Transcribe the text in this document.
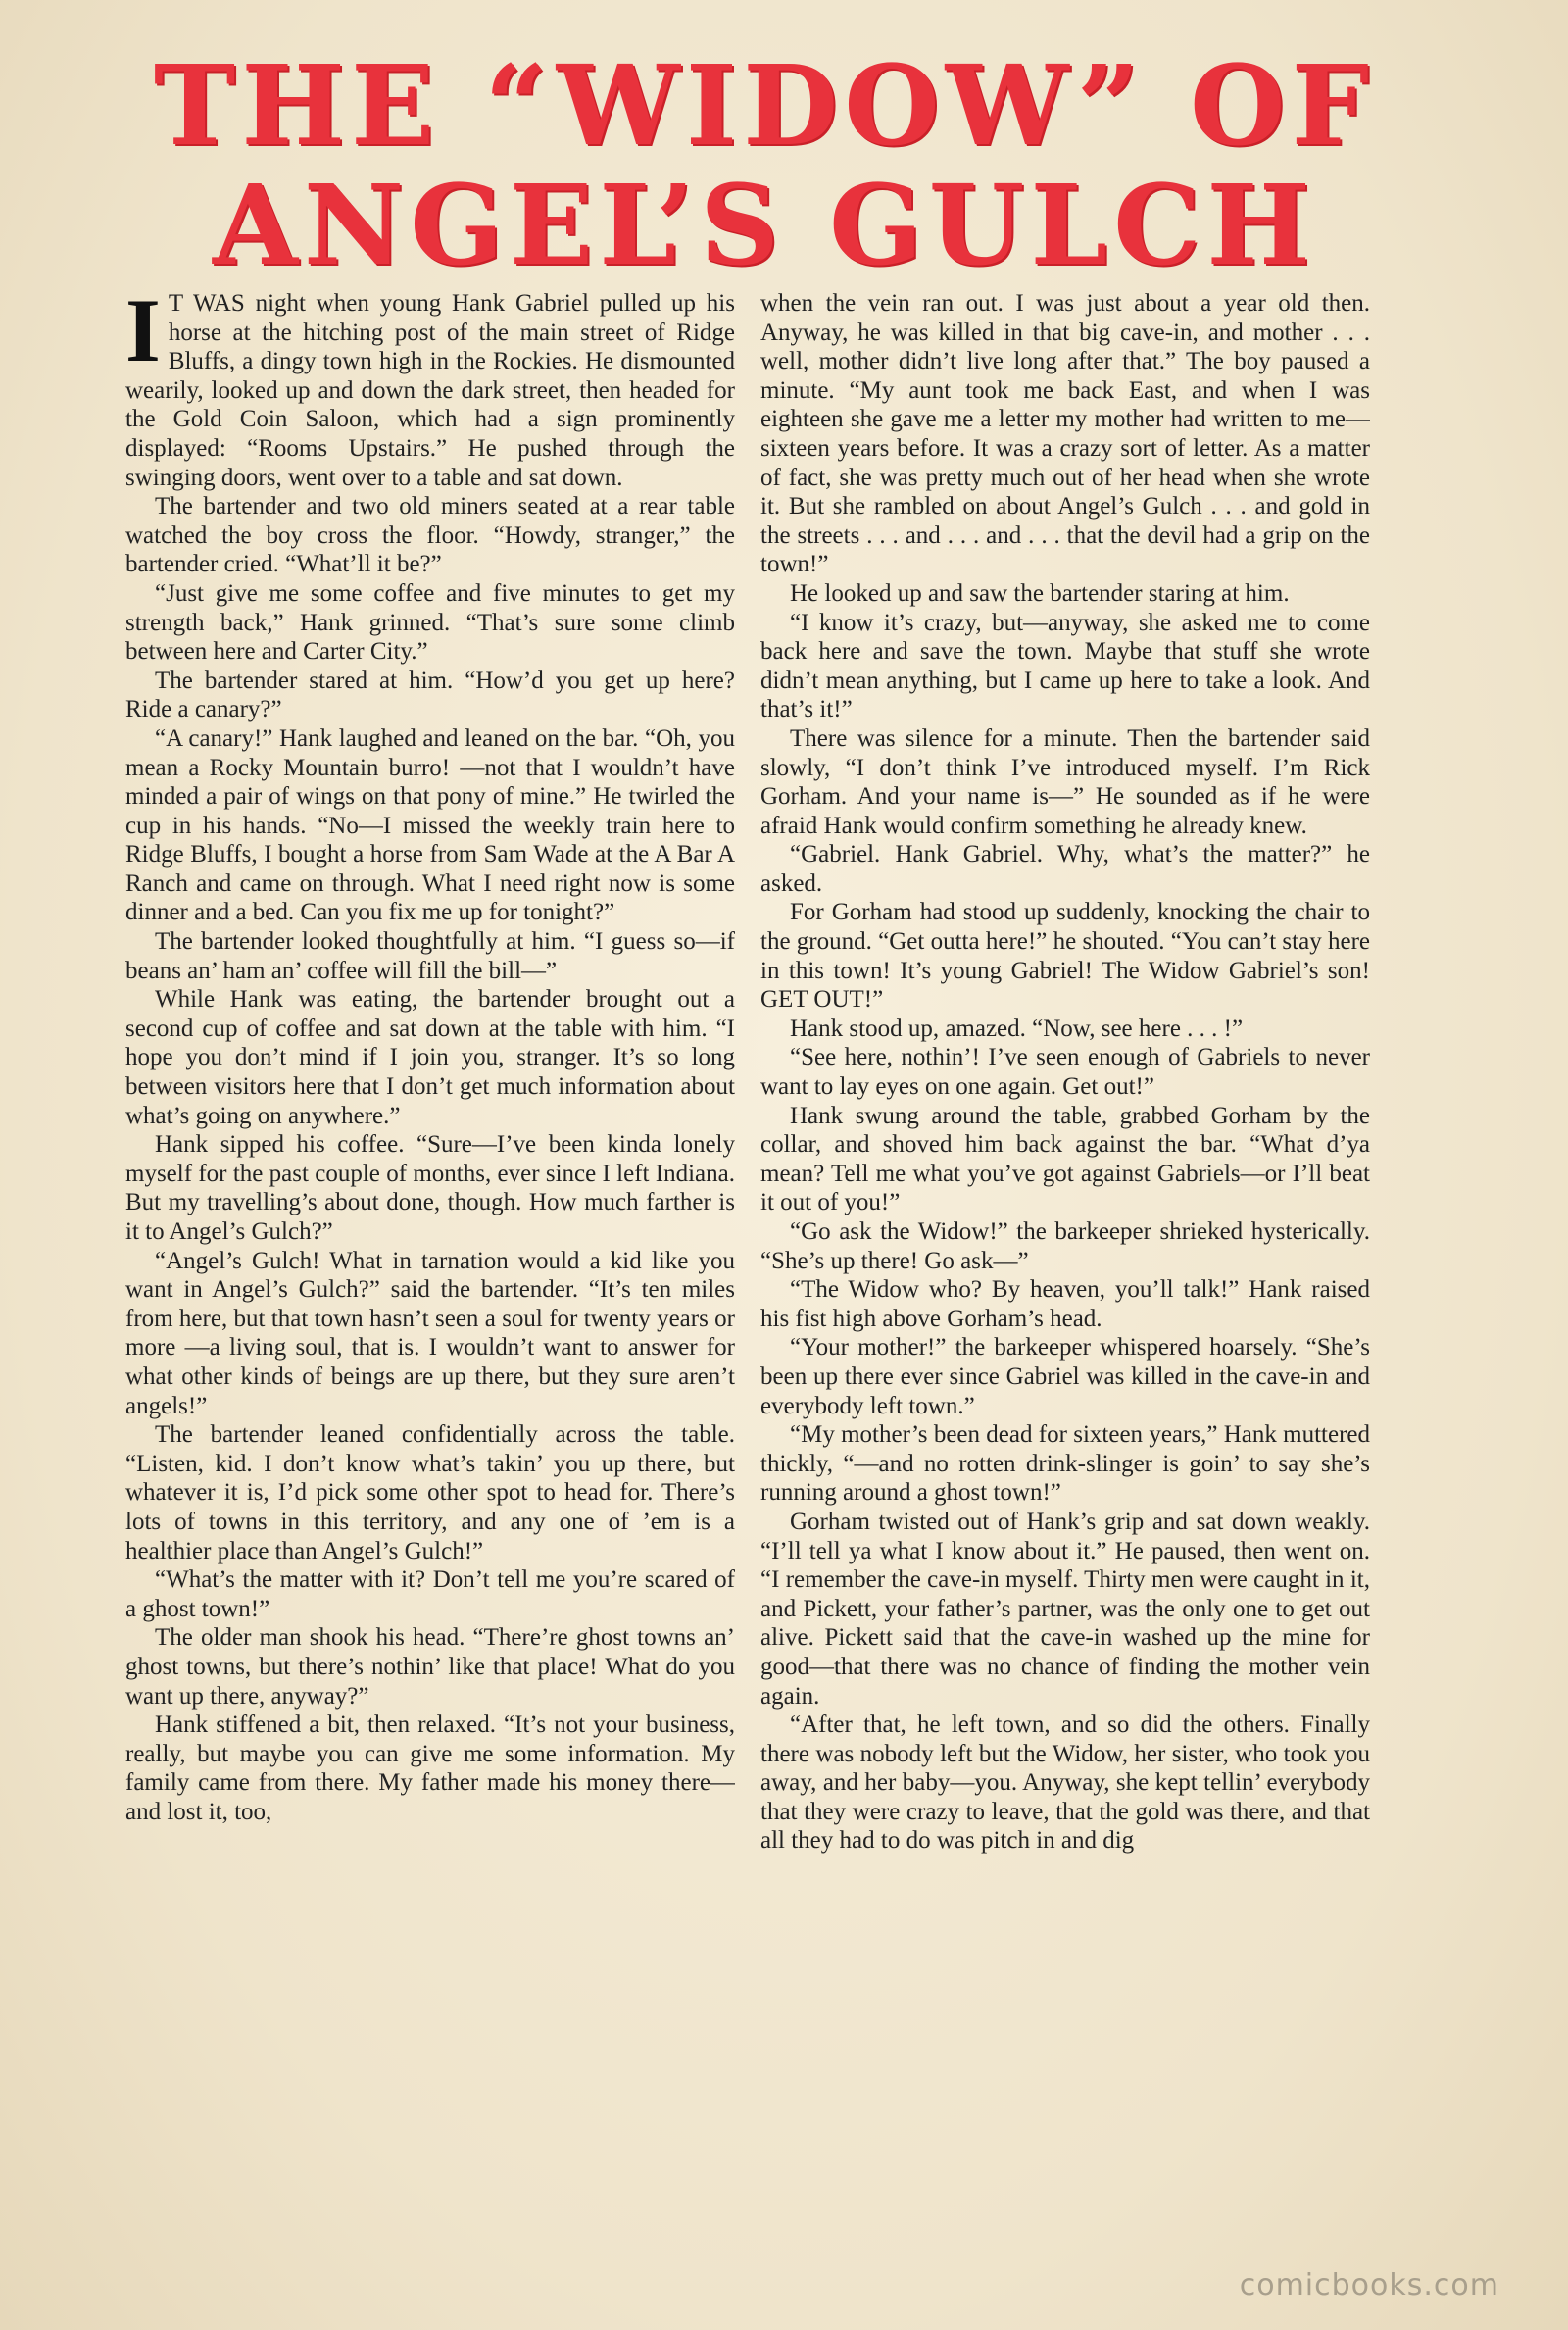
THE “WIDOW” OF
ANGEL’S GULCH

I T WAS night when young Hank Gabriel pulled up his horse at the hitching post of the main street of Ridge Bluffs, a dingy town high in the Rockies. He dismounted wearily, looked up and down the dark street, then headed for the Gold Coin Saloon, which had a sign prominently displayed: “Rooms Upstairs.” He pushed through the swinging doors, went over to a table and sat down.

The bartender and two old miners seated at a rear table watched the boy cross the floor. “Howdy, stranger,” the bartender cried. “What’ll it be?”

“Just give me some coffee and five minutes to get my strength back,” Hank grinned. “That’s sure some climb between here and Carter City.”

The bartender stared at him. “How’d you get up here? Ride a canary?”

“A canary!” Hank laughed and leaned on the bar. “Oh, you mean a Rocky Mountain burro! —not that I wouldn’t have minded a pair of wings on that pony of mine.” He twirled the cup in his hands. “No—I missed the weekly train here to Ridge Bluffs, I bought a horse from Sam Wade at the A Bar A Ranch and came on through. What I need right now is some dinner and a bed. Can you fix me up for tonight?”

The bartender looked thoughtfully at him. “I guess so—if beans an’ ham an’ coffee will fill the bill—”

While Hank was eating, the bartender brought out a second cup of coffee and sat down at the table with him. “I hope you don’t mind if I join you, stranger. It’s so long between visitors here that I don’t get much information about what’s going on anywhere.”

Hank sipped his coffee. “Sure—I’ve been kinda lonely myself for the past couple of months, ever since I left Indiana. But my travelling’s about done, though. How much farther is it to Angel’s Gulch?”

“Angel’s Gulch! What in tarnation would a kid like you want in Angel’s Gulch?” said the bartender. “It’s ten miles from here, but that town hasn’t seen a soul for twenty years or more —a living soul, that is. I wouldn’t want to answer for what other kinds of beings are up there, but they sure aren’t angels!”

The bartender leaned confidentially across the table. “Listen, kid. I don’t know what’s takin’ you up there, but whatever it is, I’d pick some other spot to head for. There’s lots of towns in this territory, and any one of ’em is a healthier place than Angel’s Gulch!”

“What’s the matter with it? Don’t tell me you’re scared of a ghost town!”

The older man shook his head. “There’re ghost towns an’ ghost towns, but there’s nothin’ like that place! What do you want up there, anyway?”

Hank stiffened a bit, then relaxed. “It’s not your business, really, but maybe you can give me some information. My family came from there. My father made his money there—and lost it, too,

when the vein ran out. I was just about a year old then. Anyway, he was killed in that big cave-in, and mother . . . well, mother didn’t live long after that.” The boy paused a minute. “My aunt took me back East, and when I was eighteen she gave me a letter my mother had written to me—sixteen years before. It was a crazy sort of letter. As a matter of fact, she was pretty much out of her head when she wrote it. But she rambled on about Angel’s Gulch . . . and gold in the streets . . . and . . . and . . . that the devil had a grip on the town!”

He looked up and saw the bartender staring at him.

“I know it’s crazy, but—anyway, she asked me to come back here and save the town. Maybe that stuff she wrote didn’t mean anything, but I came up here to take a look. And that’s it!”

There was silence for a minute. Then the bartender said slowly, “I don’t think I’ve introduced myself. I’m Rick Gorham. And your name is—” He sounded as if he were afraid Hank would confirm something he already knew.

“Gabriel. Hank Gabriel. Why, what’s the matter?” he asked.

For Gorham had stood up suddenly, knocking the chair to the ground. “Get outta here!” he shouted. “You can’t stay here in this town! It’s young Gabriel! The Widow Gabriel’s son! GET OUT!”

Hank stood up, amazed. “Now, see here . . . !”

“See here, nothin’! I’ve seen enough of Gabriels to never want to lay eyes on one again. Get out!”

Hank swung around the table, grabbed Gorham by the collar, and shoved him back against the bar. “What d’ya mean? Tell me what you’ve got against Gabriels—or I’ll beat it out of you!”

“Go ask the Widow!” the barkeeper shrieked hysterically. “She’s up there! Go ask—”

“The Widow who? By heaven, you’ll talk!” Hank raised his fist high above Gorham’s head.

“Your mother!” the barkeeper whispered hoarsely. “She’s been up there ever since Gabriel was killed in the cave-in and everybody left town.”

“My mother’s been dead for sixteen years,” Hank muttered thickly, “—and no rotten drink-slinger is goin’ to say she’s running around a ghost town!”

Gorham twisted out of Hank’s grip and sat down weakly. “I’ll tell ya what I know about it.” He paused, then went on. “I remember the cave-in myself. Thirty men were caught in it, and Pickett, your father’s partner, was the only one to get out alive. Pickett said that the cave-in washed up the mine for good—that there was no chance of finding the mother vein again.

“After that, he left town, and so did the others. Finally there was nobody left but the Widow, her sister, who took you away, and her baby—you. Anyway, she kept tellin’ everybody that they were crazy to leave, that the gold was there, and that all they had to do was pitch in and dig

comicbooks.com
